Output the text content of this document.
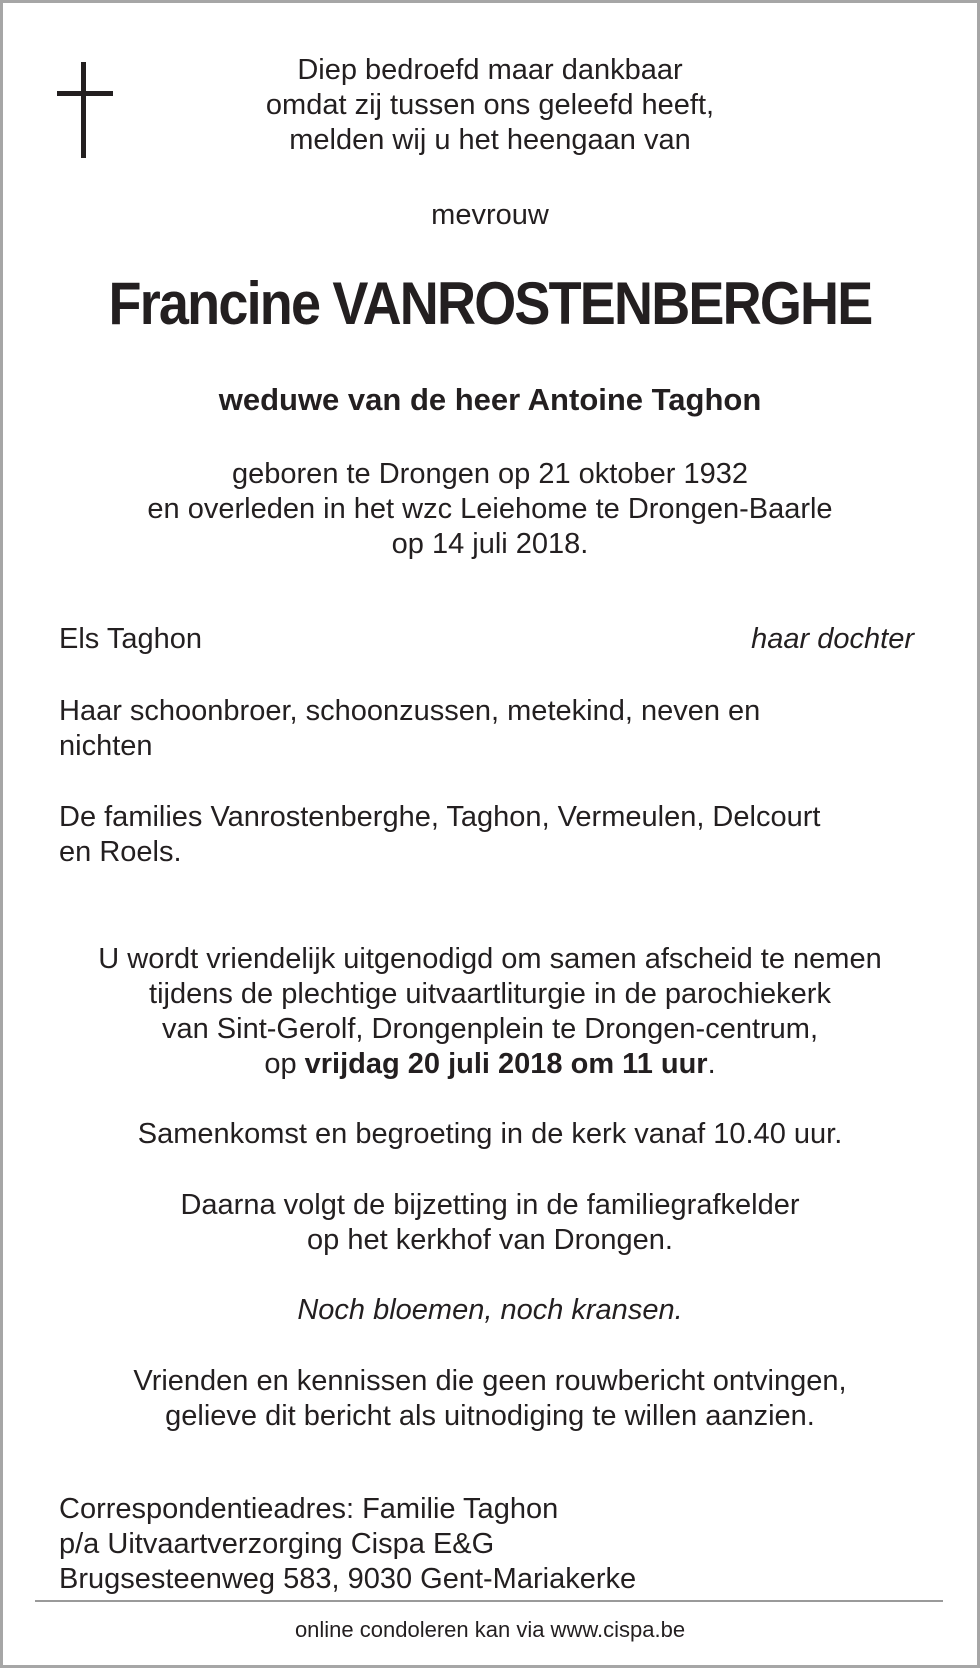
Diep bedroefd maar dankbaar
omdat zij tussen ons geleefd heeft,
melden wij u het heengaan van
mevrouw
Francine VANROSTENBERGHE
weduwe van de heer Antoine Taghon
geboren te Drongen op 21 oktober 1932
en overleden in het wzc Leiehome te Drongen-Baarle
op 14 juli 2018.
Els Taghon	haar dochter
Haar schoonbroer, schoonzussen, metekind, neven en
nichten
De families Vanrostenberghe, Taghon, Vermeulen, Delcourt
en Roels.
U wordt vriendelijk uitgenodigd om samen afscheid te nemen
tijdens de plechtige uitvaartliturgie in de parochiekerk
van Sint-Gerolf, Drongenplein te Drongen-centrum,
op vrijdag 20 juli 2018 om 11 uur.
Samenkomst en begroeting in de kerk vanaf 10.40 uur.
Daarna volgt de bijzetting in de familiegrafkelder
op het kerkhof van Drongen.
Noch bloemen, noch kransen.
Vrienden en kennissen die geen rouwbericht ontvingen,
gelieve dit bericht als uitnodiging te willen aanzien.
Correspondentieadres: Familie Taghon
p/a Uitvaartverzorging Cispa E&G
Brugsesteenweg 583, 9030 Gent-Mariakerke
online condoleren kan via www.cispa.be
